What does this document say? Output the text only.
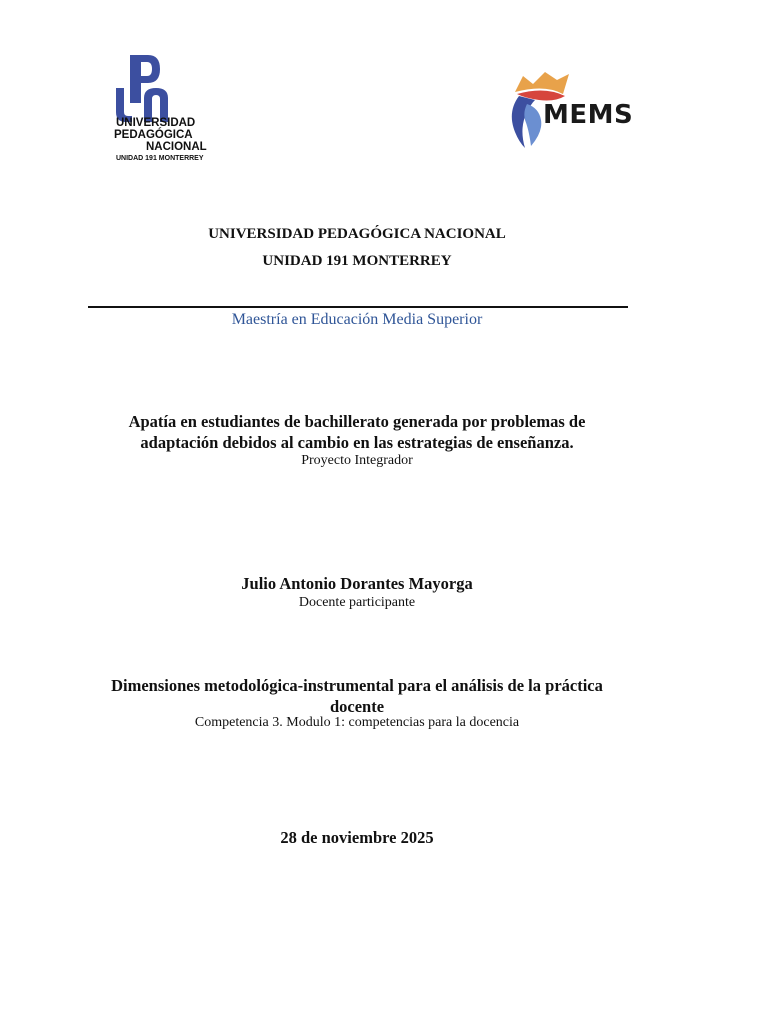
UNIVERSIDAD
PEDAGÓGICA
NACIONAL
UNIDAD 191 MONTERREY
MEMS
UNIVERSIDAD PEDAGÓGICA NACIONAL
UNIDAD 191 MONTERREY
Maestría en Educación Media Superior
Apatía en estudiantes de bachillerato generada por problemas de
adaptación debidos al cambio en las estrategias de enseñanza.
Proyecto Integrador
Julio Antonio Dorantes Mayorga
Docente participante
Dimensiones metodológica-instrumental para el análisis de la práctica
docente
Competencia 3. Modulo 1: competencias para la docencia
28 de noviembre 2025
